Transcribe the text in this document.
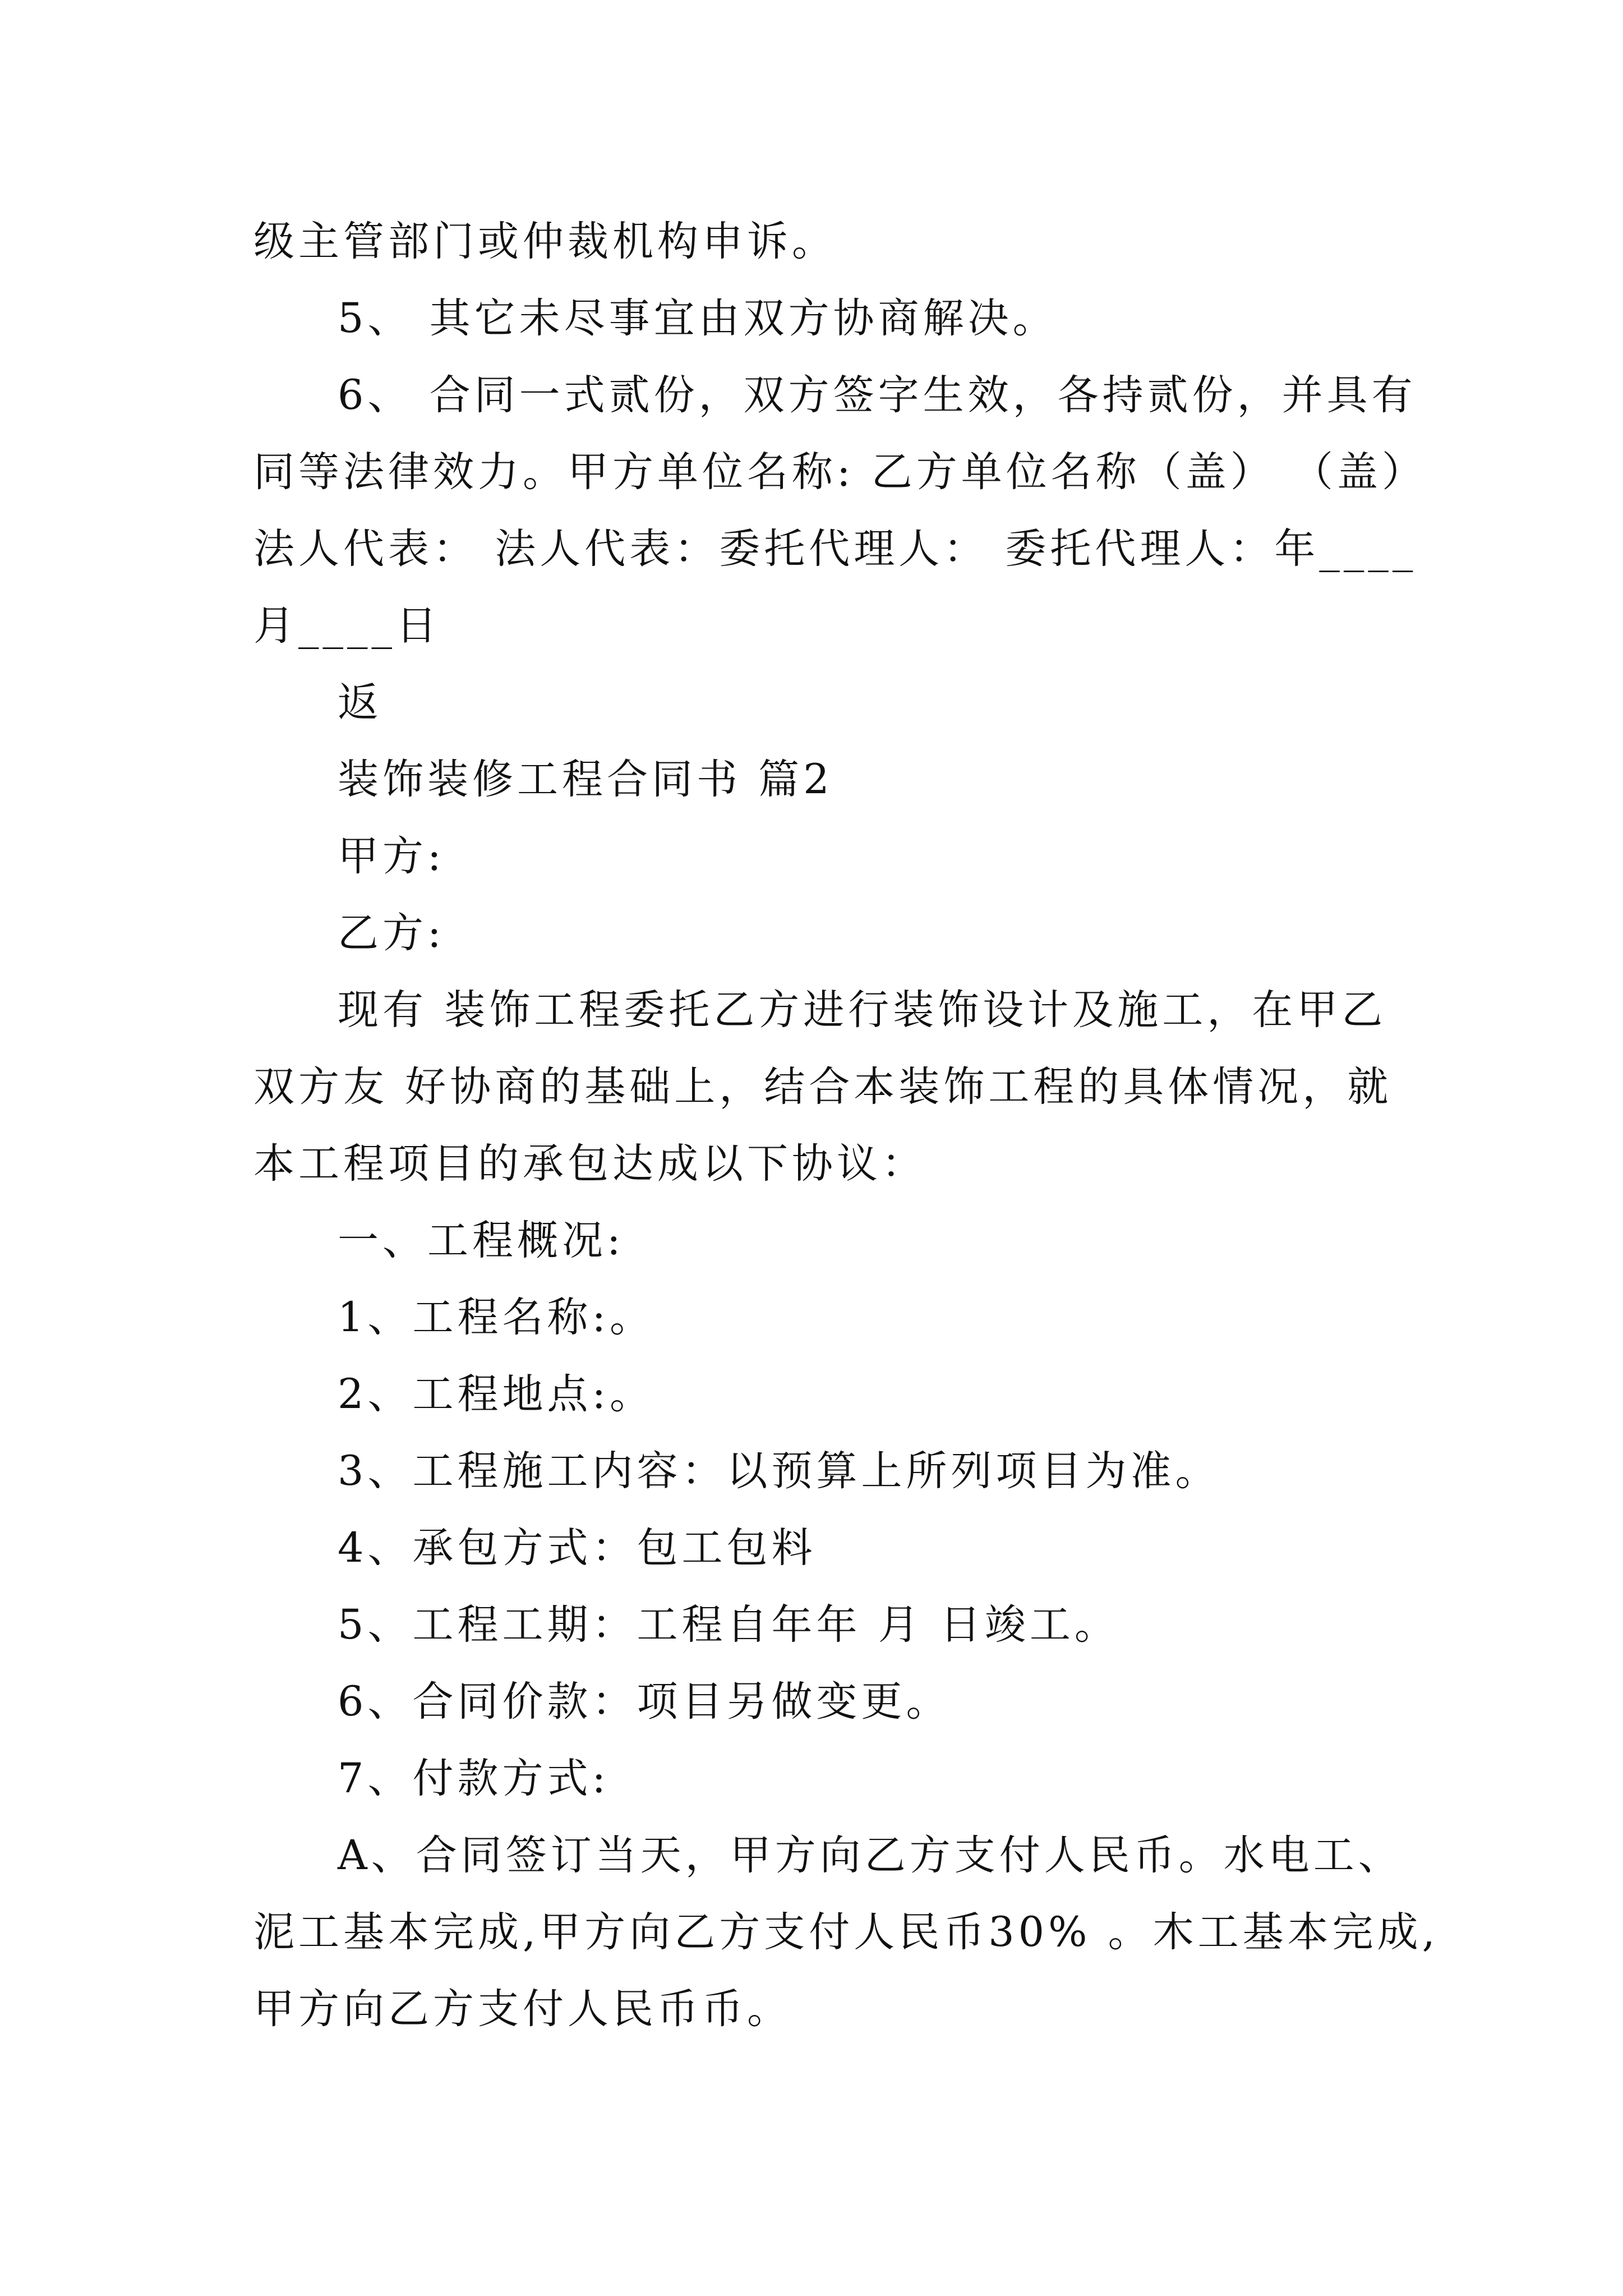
级主管部门或仲裁机构申诉。
5、 其它未尽事宜由双方协商解决。
6、 合同一式贰份，双方签字生效，各持贰份，并具有
同等法律效力。甲方单位名称: 乙方单位名称（盖） （盖）
法人代表： 法人代表：委托代理人： 委托代理人：年____
月____日
返
装饰装修工程合同书 篇2
甲方:
乙方:
现有 装饰工程委托乙方进行装饰设计及施工，在甲乙
双方友 好协商的基础上，结合本装饰工程的具体情况，就
本工程项目的承包达成以下协议：
一、工程概况:
1、工程名称:。
2、工程地点:。
3、工程施工内容：以预算上所列项目为准。
4、承包方式：包工包料
5、工程工期：工程自年年 月 日竣工。
6、合同价款：项目另做变更。
7、付款方式:
A、合同签订当天，甲方向乙方支付人民币。水电工、
泥工基本完成,甲方向乙方支付人民币30% 。木工基本完成,
甲方向乙方支付人民币币。
